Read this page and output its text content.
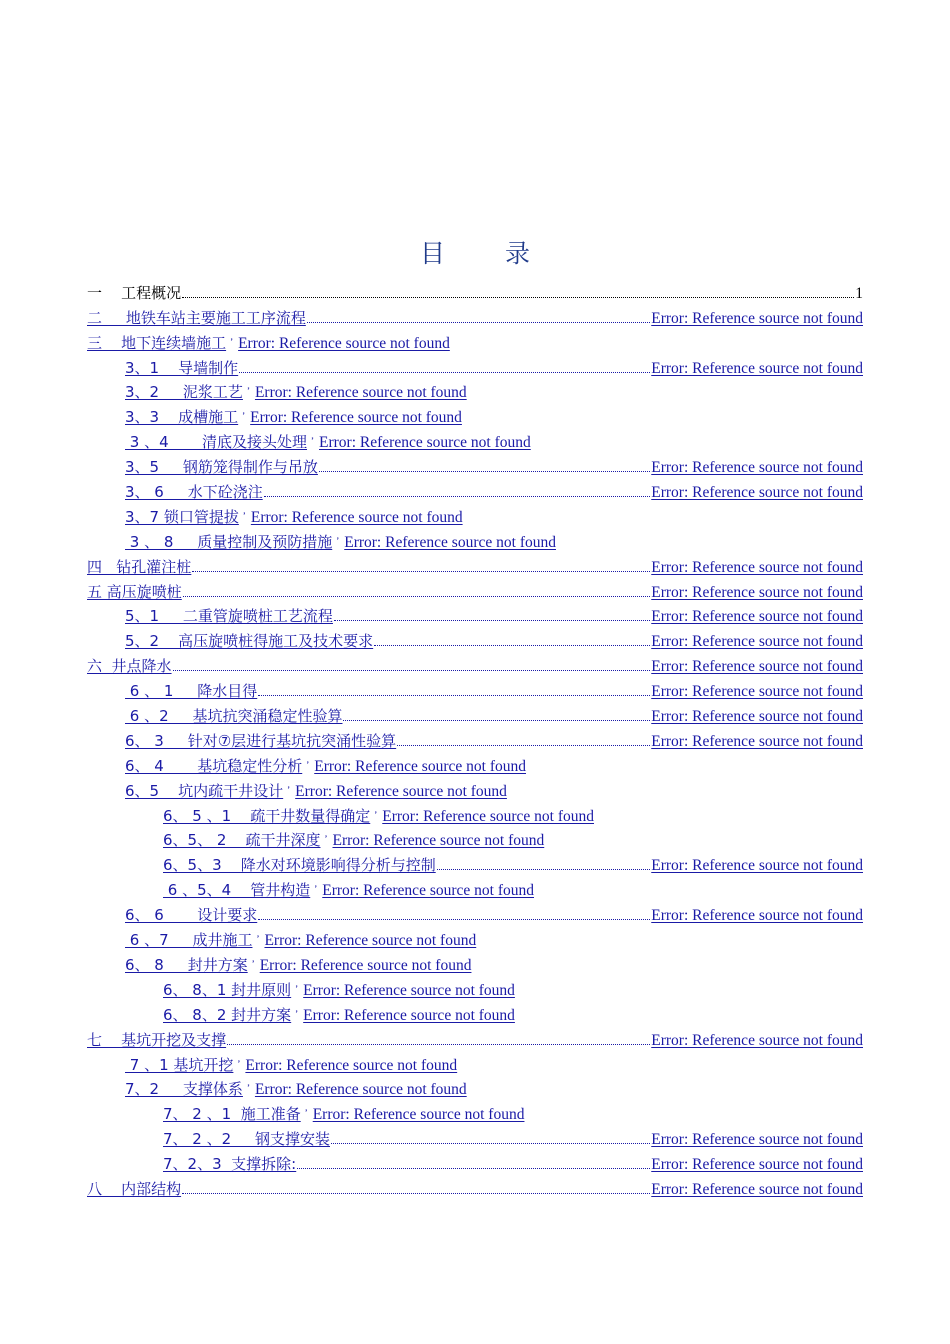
目 录
一    工程概况	1
二     地铁车站主要施工工序流程	Error: Reference source not found
三    地下连续墙施工 Error: Reference source not found
3、1    导墙制作	Error: Reference source not found
3、2     泥浆工艺 Error: Reference source not found
3、3    成槽施工 Error: Reference source not found
3 、4       清底及接头处理 Error: Reference source not found
3、5     钢筋笼得制作与吊放	Error: Reference source not found
3、 6     水下砼浇注	Error: Reference source not found
3、7 锁口管提拔 Error: Reference source not found
3 、 8     质量控制及预防措施 Error: Reference source not found
四   钻孔灌注桩	Error: Reference source not found
五 高压旋喷桩	Error: Reference source not found
5、1     二重管旋喷桩工艺流程	Error: Reference source not found
5、2    高压旋喷桩得施工及技术要求	Error: Reference source not found
六  井点降水	Error: Reference source not found
6 、 1     降水目得	Error: Reference source not found
6 、2     基坑抗突涌稳定性验算	Error: Reference source not found
6、 3     针对⑦层进行基坑抗突涌性验算	Error: Reference source not found
6、 4       基坑稳定性分析 Error: Reference source not found
6、5    坑内疏干井设计 Error: Reference source not found
6、 5 、1    疏干井数量得确定 Error: Reference source not found
6、5、 2    疏干井深度 Error: Reference source not found
6、5、3    降水对环境影响得分析与控制	Error: Reference source not found
6 、5、4    管井构造 Error: Reference source not found
6、 6       设计要求	Error: Reference source not found
6 、7     成井施工 Error: Reference source not found
6、 8     封井方案 Error: Reference source not found
6、 8、1 封井原则 Error: Reference source not found
6、 8、2 封井方案 Error: Reference source not found
七    基坑开挖及支撑	Error: Reference source not found
7 、1 基坑开挖 Error: Reference source not found
7、2     支撑体系 Error: Reference source not found
7、 2 、1  施工准备 Error: Reference source not found
7、 2 、2     钢支撑安装	Error: Reference source not found
7、2、3  支撑拆除:	Error: Reference source not found
八    内部结构	Error: Reference source not found
